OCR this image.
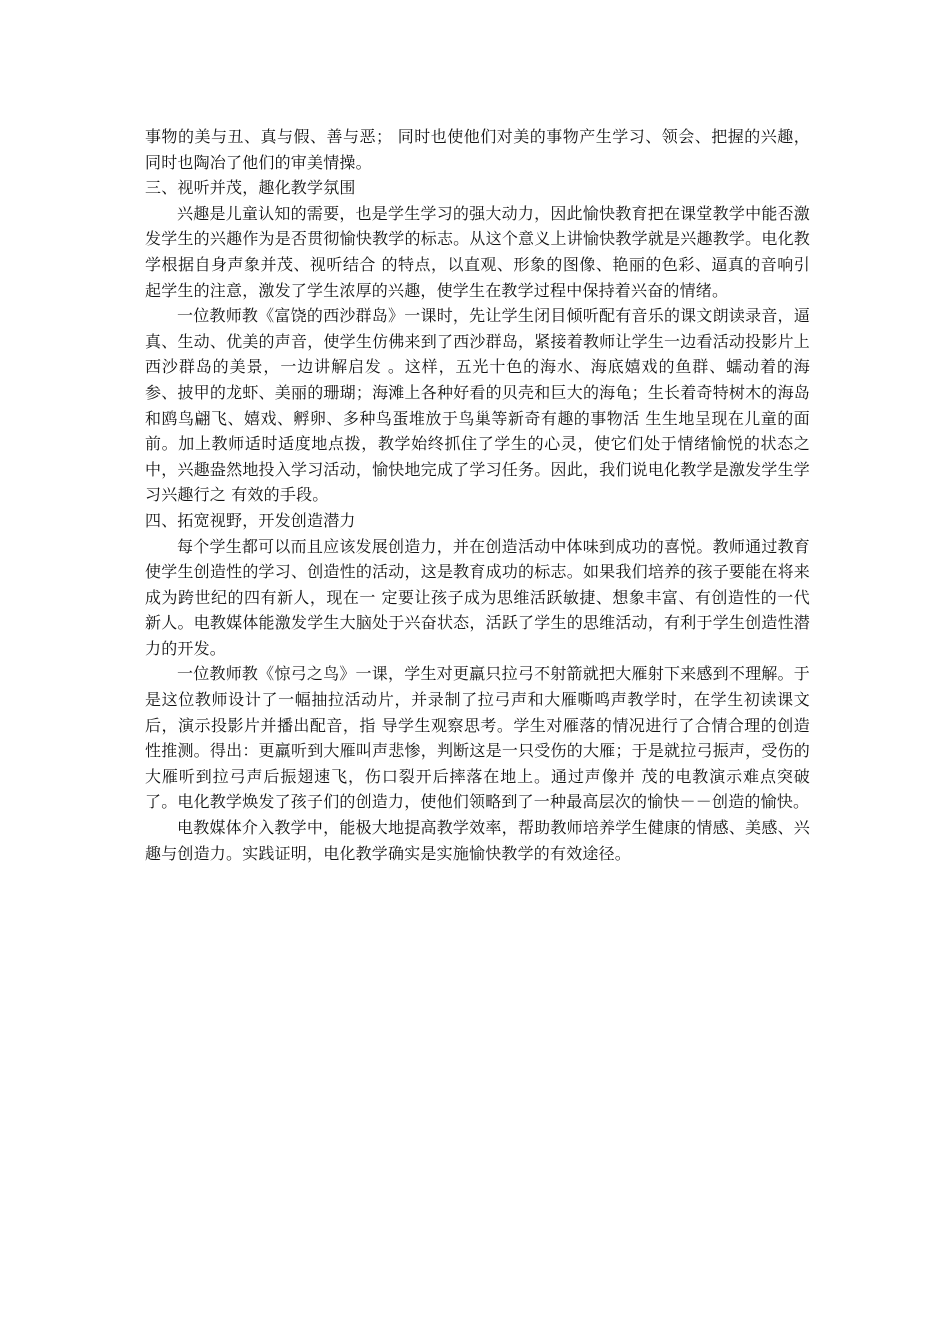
事物的美与丑、真与假、善与恶； 同时也使他们对美的事物产生学习、领会、把握的兴趣，同时也陶冶了他们的审美情操。

三、视听并茂，趣化教学氛围

兴趣是儿童认知的需要，也是学生学习的强大动力，因此愉快教育把在课堂教学中能否激发学生的兴趣作为是否贯彻愉快教学的标志。从这个意义上讲愉快教学就是兴趣教学。电化教学根据自身声象并茂、视听结合 的特点，以直观、形象的图像、艳丽的色彩、逼真的音响引起学生的注意，激发了学生浓厚的兴趣，使学生在教学过程中保持着兴奋的情绪。

一位教师教《富饶的西沙群岛》一课时，先让学生闭目倾听配有音乐的课文朗读录音，逼真、生动、优美的声音，使学生仿佛来到了西沙群岛，紧接着教师让学生一边看活动投影片上西沙群岛的美景，一边讲解启发 。这样，五光十色的海水、海底嬉戏的鱼群、蠕动着的海参、披甲的龙虾、美丽的珊瑚；海滩上各种好看的贝壳和巨大的海龟；生长着奇特树木的海岛和鸥鸟翩飞、嬉戏、孵卵、多种鸟蛋堆放于鸟巢等新奇有趣的事物活 生生地呈现在儿童的面前。加上教师适时适度地点拨，教学始终抓住了学生的心灵，使它们处于情绪愉悦的状态之中，兴趣盎然地投入学习活动，愉快地完成了学习任务。因此，我们说电化教学是激发学生学习兴趣行之 有效的手段。

四、拓宽视野，开发创造潜力

每个学生都可以而且应该发展创造力，并在创造活动中体味到成功的喜悦。教师通过教育使学生创造性的学习、创造性的活动，这是教育成功的标志。如果我们培养的孩子要能在将来成为跨世纪的四有新人，现在一 定要让孩子成为思维活跃敏捷、想象丰富、有创造性的一代新人。电教媒体能激发学生大脑处于兴奋状态，活跃了学生的思维活动，有利于学生创造性潜力的开发。

一位教师教《惊弓之鸟》一课，学生对更羸只拉弓不射箭就把大雁射下来感到不理解。于是这位教师设计了一幅抽拉活动片，并录制了拉弓声和大雁嘶鸣声教学时，在学生初读课文后，演示投影片并播出配音，指 导学生观察思考。学生对雁落的情况进行了合情合理的创造性推测。得出：更羸听到大雁叫声悲惨，判断这是一只受伤的大雁；于是就拉弓振声，受伤的大雁听到拉弓声后振翅速飞，伤口裂开后摔落在地上。通过声像并 茂的电教演示难点突破了。电化教学焕发了孩子们的创造力，使他们领略到了一种最高层次的愉快－－创造的愉快。

电教媒体介入教学中，能极大地提高教学效率，帮助教师培养学生健康的情感、美感、兴趣与创造力。实践证明，电化教学确实是实施愉快教学的有效途径。
